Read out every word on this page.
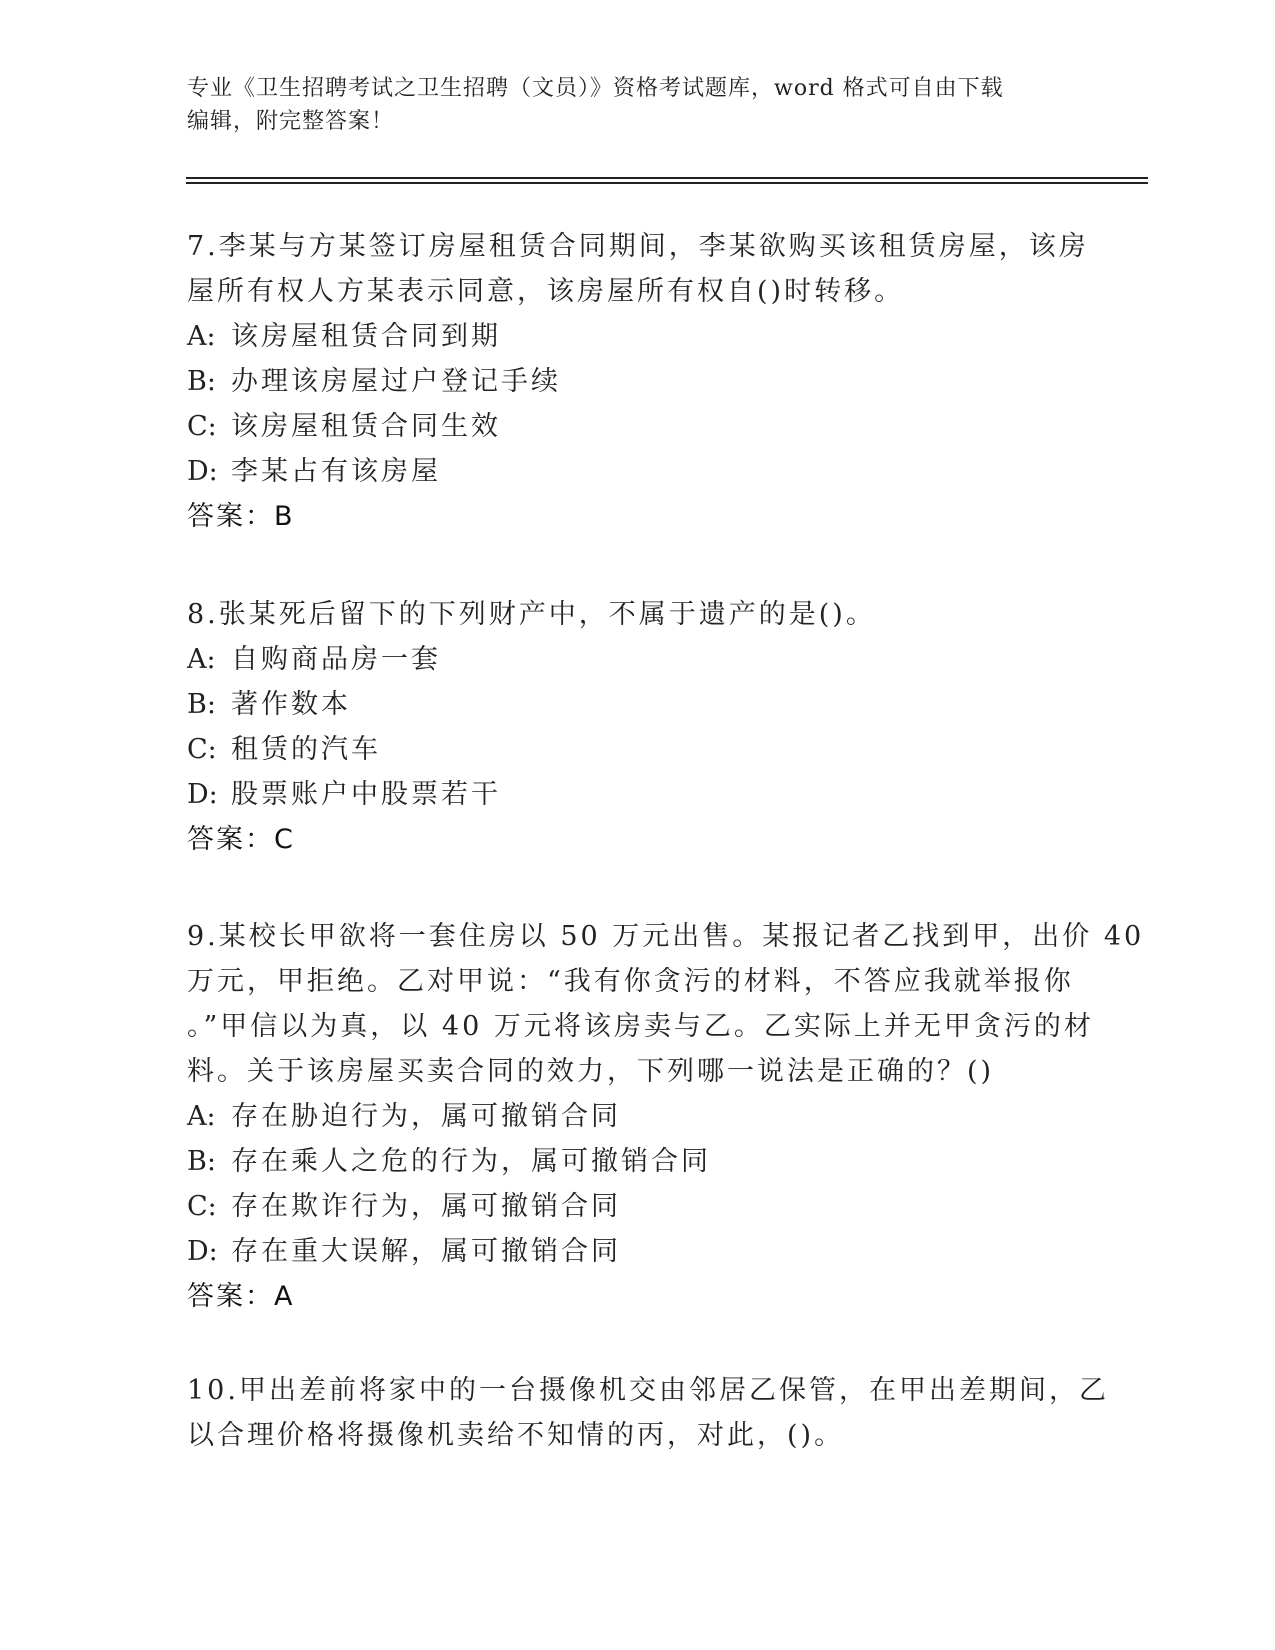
专业《卫生招聘考试之卫生招聘（文员）》资格考试题库，word 格式可自由下载
编辑，附完整答案！
7.李某与方某签订房屋租赁合同期间，李某欲购买该租赁房屋，该房
屋所有权人方某表示同意，该房屋所有权自()时转移。
A: 该房屋租赁合同到期
B: 办理该房屋过户登记手续
C: 该房屋租赁合同生效
D: 李某占有该房屋
答案：B
8.张某死后留下的下列财产中，不属于遗产的是()。
A: 自购商品房一套
B: 著作数本
C: 租赁的汽车
D: 股票账户中股票若干
答案：C
9.某校长甲欲将一套住房以 50 万元出售。某报记者乙找到甲，出价 40
万元，甲拒绝。乙对甲说：“我有你贪污的材料，不答应我就举报你
。”甲信以为真，以 40 万元将该房卖与乙。乙实际上并无甲贪污的材
料。关于该房屋买卖合同的效力，下列哪一说法是正确的？()
A: 存在胁迫行为，属可撤销合同
B: 存在乘人之危的行为，属可撤销合同
C: 存在欺诈行为，属可撤销合同
D: 存在重大误解，属可撤销合同
答案：A
10.甲出差前将家中的一台摄像机交由邻居乙保管，在甲出差期间，乙
以合理价格将摄像机卖给不知情的丙，对此，()。
